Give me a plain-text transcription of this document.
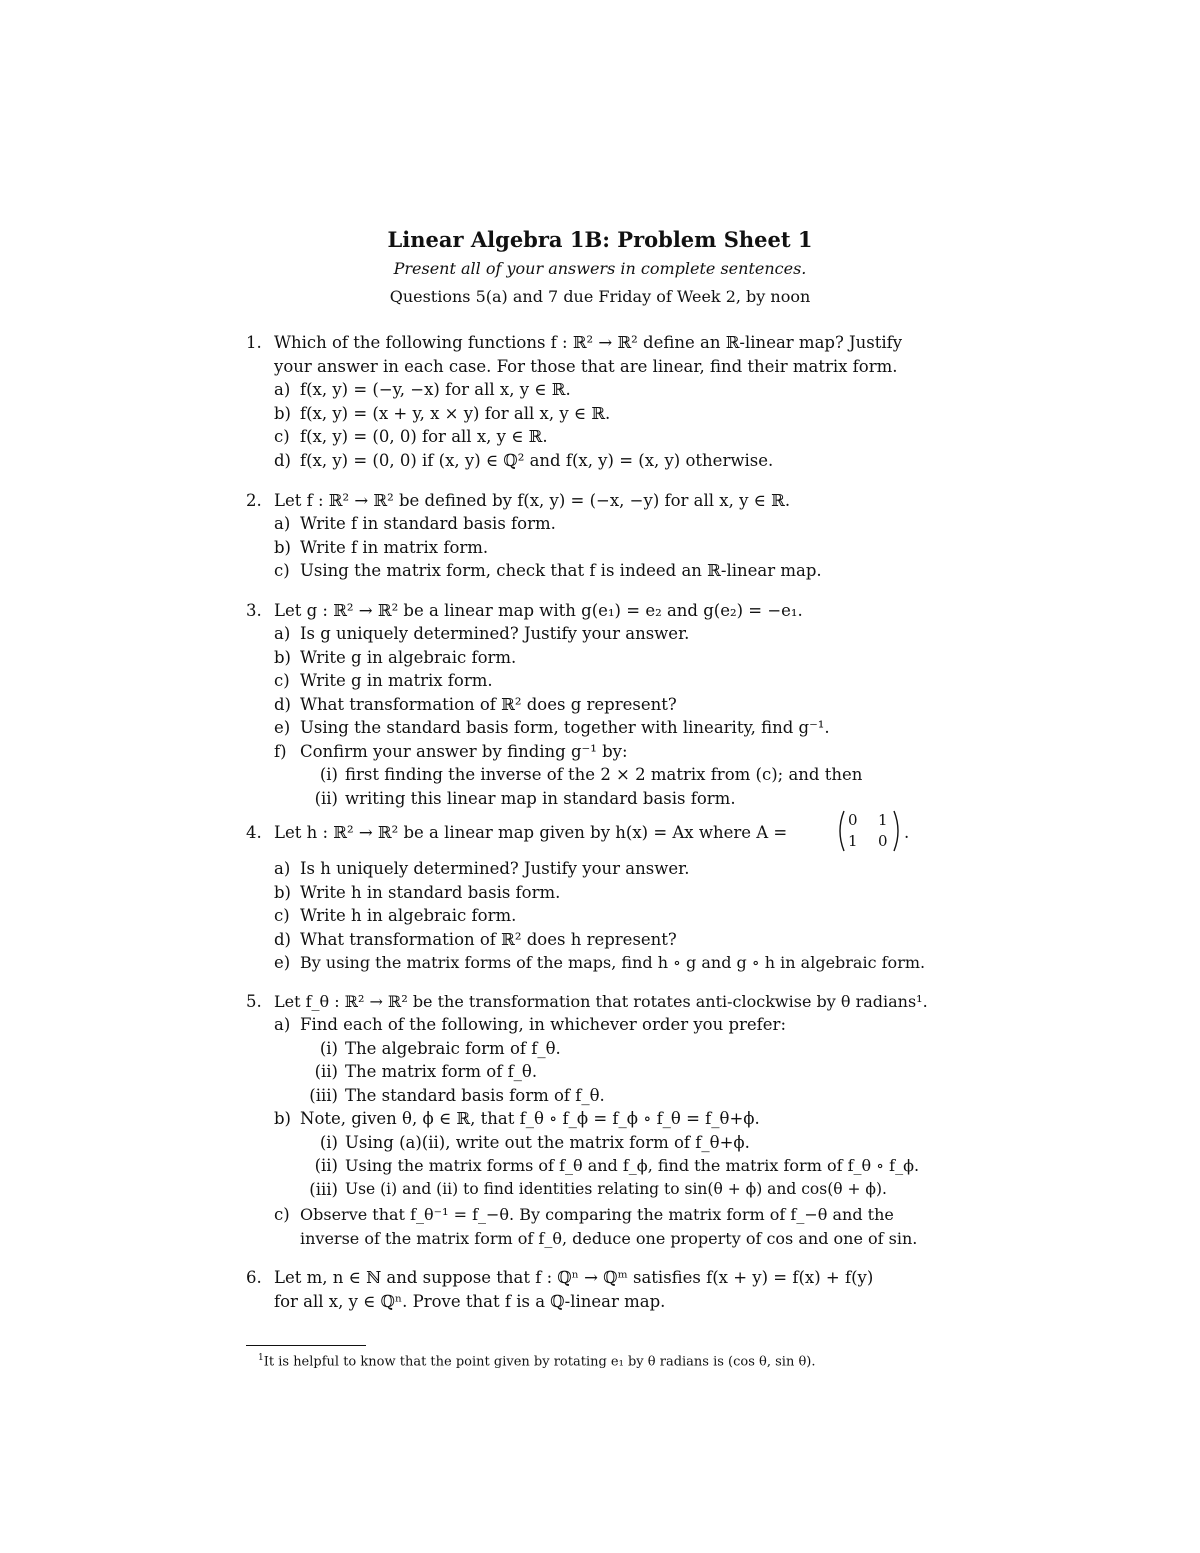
Linear Algebra 1B: Problem Sheet 1
Present all of your answers in complete sentences.
Questions 5(a) and 7 due Friday of Week 2, by noon
1. Which of the following functions f : ℝ² → ℝ² define an ℝ-linear map? Justify
your answer in each case. For those that are linear, find their matrix form.
a) f(x, y) = (−y, −x) for all x, y ∈ ℝ.
b) f(x, y) = (x + y, x × y) for all x, y ∈ ℝ.
c) f(x, y) = (0, 0) for all x, y ∈ ℝ.
d) f(x, y) = (0, 0) if (x, y) ∈ ℚ² and f(x, y) = (x, y) otherwise.
2. Let f : ℝ² → ℝ² be defined by f(x, y) = (−x, −y) for all x, y ∈ ℝ.
a) Write f in standard basis form.
b) Write f in matrix form.
c) Using the matrix form, check that f is indeed an ℝ-linear map.
3. Let g : ℝ² → ℝ² be a linear map with g(e₁) = e₂ and g(e₂) = −e₁.
a) Is g uniquely determined? Justify your answer.
b) Write g in algebraic form.
c) Write g in matrix form.
d) What transformation of ℝ² does g represent?
e) Using the standard basis form, together with linearity, find g⁻¹.
f) Confirm your answer by finding g⁻¹ by:
(i) first finding the inverse of the 2 × 2 matrix from (c); and then
(ii) writing this linear map in standard basis form.
4. Let h : ℝ² → ℝ² be a linear map given by h(x) = Ax where A =
0 1
1 0 .
a) Is h uniquely determined? Justify your answer.
b) Write h in standard basis form.
c) Write h in algebraic form.
d) What transformation of ℝ² does h represent?
e) By using the matrix forms of the maps, find h ∘ g and g ∘ h in algebraic form.
5. Let f_θ : ℝ² → ℝ² be the transformation that rotates anti-clockwise by θ radians¹.
a) Find each of the following, in whichever order you prefer:
(i) The algebraic form of f_θ.
(ii) The matrix form of f_θ.
(iii) The standard basis form of f_θ.
b) Note, given θ, ϕ ∈ ℝ, that f_θ ∘ f_ϕ = f_ϕ ∘ f_θ = f_θ+ϕ.
(i) Using (a)(ii), write out the matrix form of f_θ+ϕ.
(ii) Using the matrix forms of f_θ and f_ϕ, find the matrix form of f_θ ∘ f_ϕ.
(iii) Use (i) and (ii) to find identities relating to sin(θ + ϕ) and cos(θ + ϕ).
c) Observe that f_θ⁻¹ = f_−θ. By comparing the matrix form of f_−θ and the
inverse of the matrix form of f_θ, deduce one property of cos and one of sin.
6. Let m, n ∈ ℕ and suppose that f : ℚⁿ → ℚᵐ satisfies f(x + y) = f(x) + f(y)
for all x, y ∈ ℚⁿ. Prove that f is a ℚ-linear map.
$^1$It is helpful to know that the point given by rotating e₁ by θ radians is (cos θ, sin θ).
